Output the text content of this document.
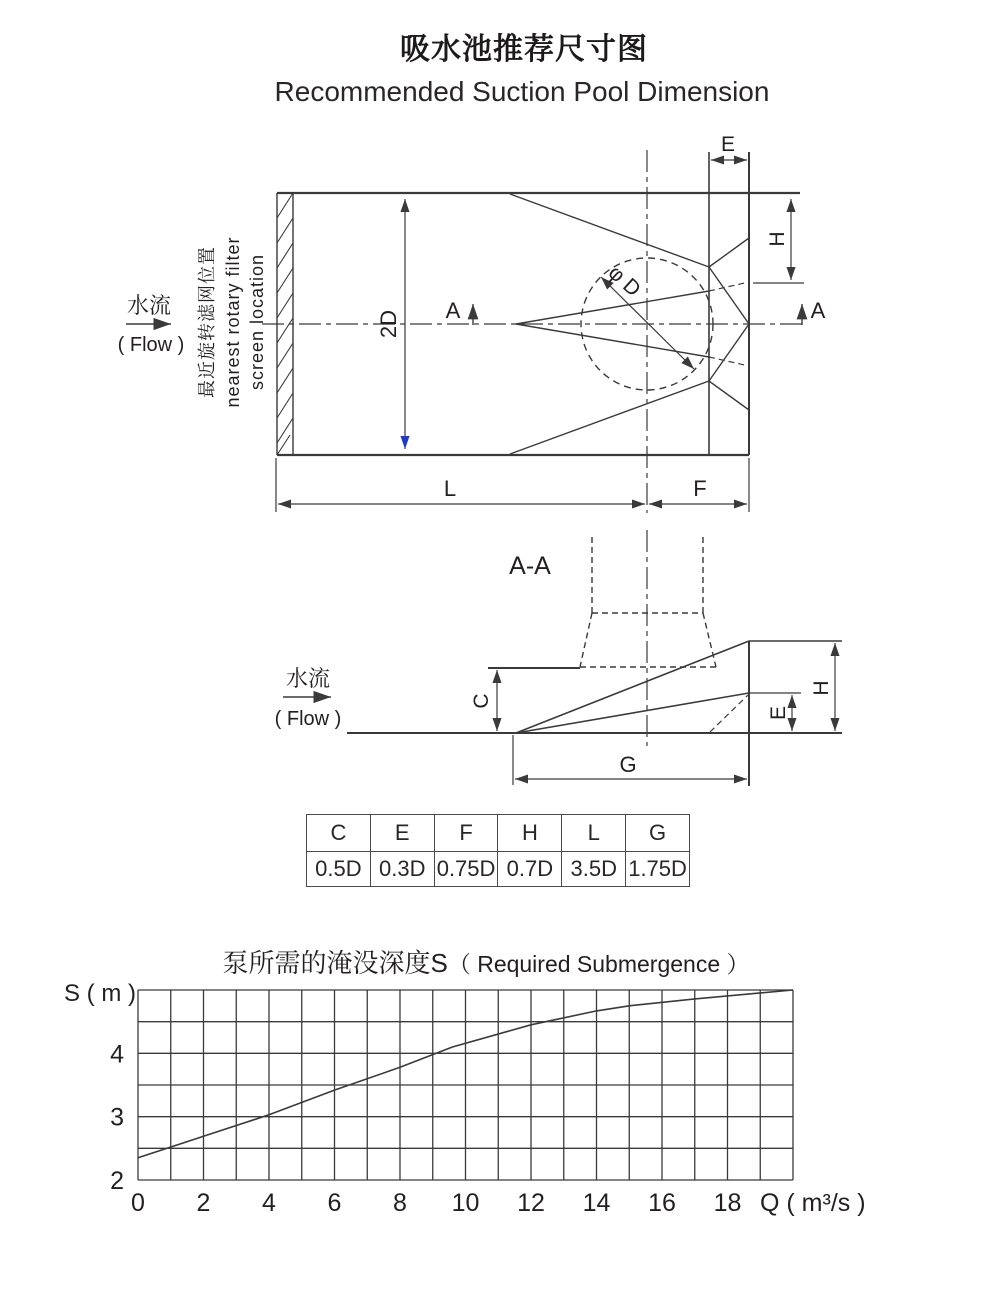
吸水池推荐尺寸图
Recommended Suction Pool Dimension
φ D
2D
E
H
A	A
L	F
水流
( Flow ) 最近旋转滤网位置 nearest rotary filter screen location
A-A
C
E
H
G
水流
( Flow )
泵所需的淹没深度S（ Required Submergence ）
S ( m )
Q ( m³/s )
0 2 4 6 8 10 12 14 16 18
2
3
4
C	E	F	H	L	G
0.5D	0.3D	0.75D	0.7D	3.5D	1.75D
